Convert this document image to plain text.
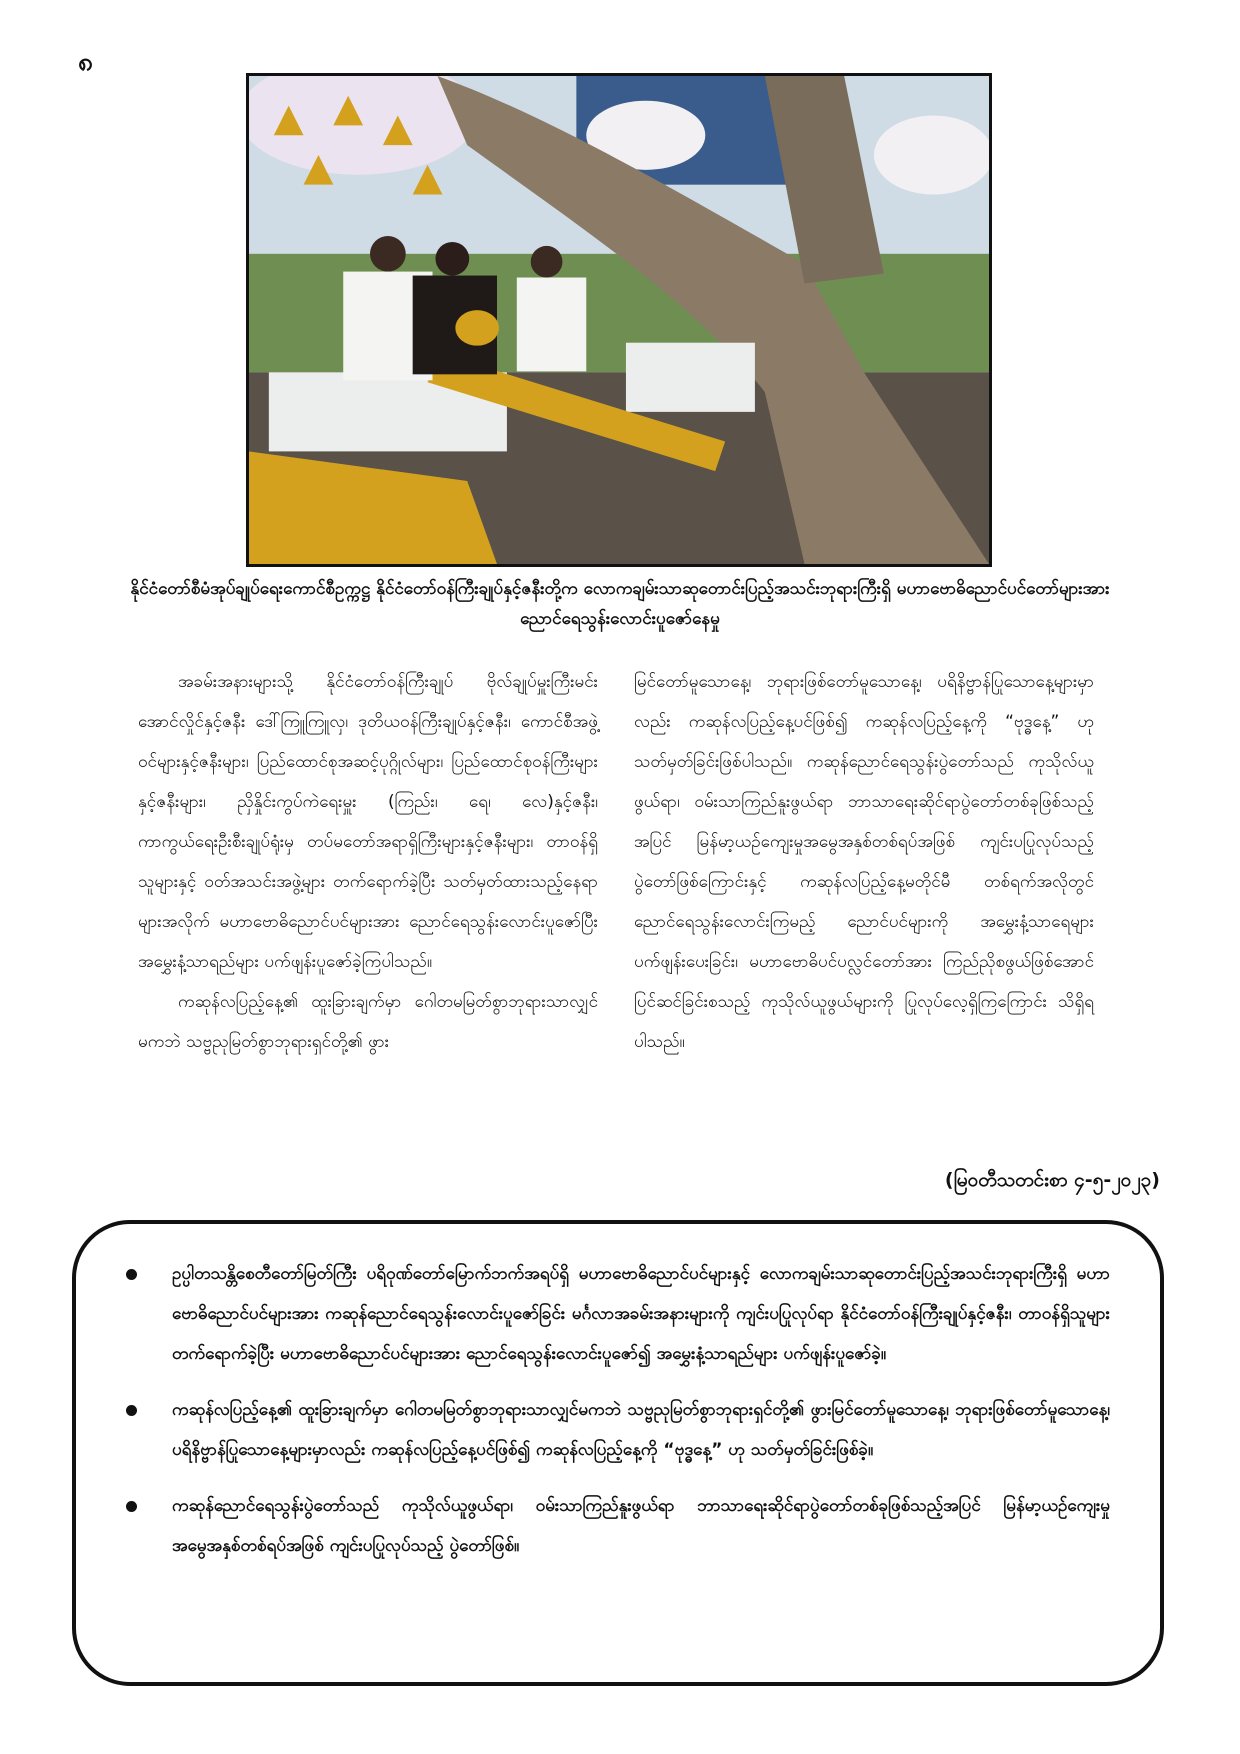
၈
နိုင်ငံတော်စီမံအုပ်ချုပ်ရေးကောင်စီဥက္ကဋ္ဌ နိုင်ငံတော်ဝန်ကြီးချုပ်နှင့်ဇနီးတို့က လောကချမ်းသာဆုတောင်းပြည့်အသင်းဘုရားကြီးရှိ မဟာဗောဓိညောင်ပင်တော်များအား ညောင်ရေသွန်းလောင်းပူဇော်နေမှု

အခမ်းအနားများသို့ နိုင်ငံတော်ဝန်ကြီးချုပ် ဗိုလ်ချုပ်မှူးကြီးမင်းအောင်လှိုင်နှင့်ဇနီး ဒေါ်ကြူကြူလှ၊ ဒုတိယဝန်ကြီးချုပ်နှင့်ဇနီး၊ ကောင်စီအဖွဲ့ဝင်များနှင့်ဇနီးများ၊ ပြည်ထောင်စုအဆင့်ပုဂ္ဂိုလ်များ၊ ပြည်ထောင်စုဝန်ကြီးများနှင့်ဇနီးများ၊ ညှိနှိုင်းကွပ်ကဲရေးမှူး (ကြည်း၊ ရေ၊ လေ)နှင့်ဇနီး၊ ကာကွယ်ရေးဦးစီးချုပ်ရုံးမှ တပ်မတော်အရာရှိကြီးများနှင့်ဇနီးများ၊ တာဝန်ရှိသူများနှင့် ဝတ်အသင်းအဖွဲ့များ တက်ရောက်ခဲ့ပြီး သတ်မှတ်ထားသည့်နေရာများအလိုက် မဟာဗောဓိညောင်ပင်များအား ညောင်ရေသွန်းလောင်းပူဇော်ပြီး အမွှေးနံ့သာရည်များ ပက်ဖျန်းပူဇော်ခဲ့ကြပါသည်။

ကဆုန်လပြည့်နေ့၏ ထူးခြားချက်မှာ ဂေါတမမြတ်စွာဘုရားသာလျှင်မကဘဲ သဗ္ဗညုမြတ်စွာဘုရားရှင်တို့၏ ဖွား

မြင်တော်မူသောနေ့၊ ဘုရားဖြစ်တော်မူသောနေ့၊ ပရိနိဗ္ဗာန်ပြုသောနေ့များမှာလည်း ကဆုန်လပြည့်နေ့ပင်ဖြစ်၍ ကဆုန်လပြည့်နေ့ကို “ဗုဒ္ဓနေ့” ဟု သတ်မှတ်ခြင်းဖြစ်ပါသည်။ ကဆုန်ညောင်ရေသွန်းပွဲတော်သည် ကုသိုလ်ယူဖွယ်ရာ၊ ဝမ်းသာကြည်နူးဖွယ်ရာ ဘာသာရေးဆိုင်ရာပွဲတော်တစ်ခုဖြစ်သည့်အပြင် မြန်မာ့ယဉ်ကျေးမှုအမွေအနှစ်တစ်ရပ်အဖြစ် ကျင်းပပြုလုပ်သည့် ပွဲတော်ဖြစ်ကြောင်းနှင့် ကဆုန်လပြည့်နေ့မတိုင်မီ တစ်ရက်အလိုတွင် ညောင်ရေသွန်းလောင်းကြမည့် ညောင်ပင်များကို အမွှေးနံ့သာရေများ ပက်ဖျန်းပေးခြင်း၊ မဟာဗောဓိပင်ပလ္လင်တော်အား ကြည်ညိုစဖွယ်ဖြစ်အောင်ပြင်ဆင်ခြင်းစသည့် ကုသိုလ်ယူဖွယ်များကို ပြုလုပ်လေ့ရှိကြကြောင်း သိရှိရပါသည်။

(မြဝတီသတင်းစာ ၄-၅-၂၀၂၃)
ဥပ္ပါတသန္တိစေတီတော်မြတ်ကြီး ပရိဝုဏ်တော်မြောက်ဘက်အရပ်ရှိ မဟာဗောဓိညောင်ပင်များနှင့် လောကချမ်းသာဆုတောင်းပြည့်အသင်းဘုရားကြီးရှိ မဟာဗောဓိညောင်ပင်များအား ကဆုန်ညောင်ရေသွန်းလောင်းပူဇော်ခြင်း မင်္ဂလာအခမ်းအနားများကို ကျင်းပပြုလုပ်ရာ နိုင်ငံတော်ဝန်ကြီးချုပ်နှင့်ဇနီး၊ တာဝန်ရှိသူများ တက်ရောက်ခဲ့ပြီး မဟာဗောဓိညောင်ပင်များအား ညောင်ရေသွန်းလောင်းပူဇော်၍ အမွှေးနံ့သာရည်များ ပက်ဖျန်းပူဇော်ခဲ့။
ကဆုန်လပြည့်နေ့၏ ထူးခြားချက်မှာ ဂေါတမမြတ်စွာဘုရားသာလျှင်မကဘဲ သဗ္ဗညုမြတ်စွာဘုရားရှင်တို့၏ ဖွားမြင်တော်မူသောနေ့၊ ဘုရားဖြစ်တော်မူသောနေ့၊ ပရိနိဗ္ဗာန်ပြုသောနေ့များမှာလည်း ကဆုန်လပြည့်နေ့ပင်ဖြစ်၍ ကဆုန်လပြည့်နေ့ကို “ဗုဒ္ဓနေ့” ဟု သတ်မှတ်ခြင်းဖြစ်ခဲ့။
ကဆုန်ညောင်ရေသွန်းပွဲတော်သည် ကုသိုလ်ယူဖွယ်ရာ၊ ဝမ်းသာကြည်နူးဖွယ်ရာ ဘာသာရေးဆိုင်ရာပွဲတော်တစ်ခုဖြစ်သည့်အပြင် မြန်မာ့ယဉ်ကျေးမှုအမွေအနှစ်တစ်ရပ်အဖြစ် ကျင်းပပြုလုပ်သည့် ပွဲတော်ဖြစ်။
